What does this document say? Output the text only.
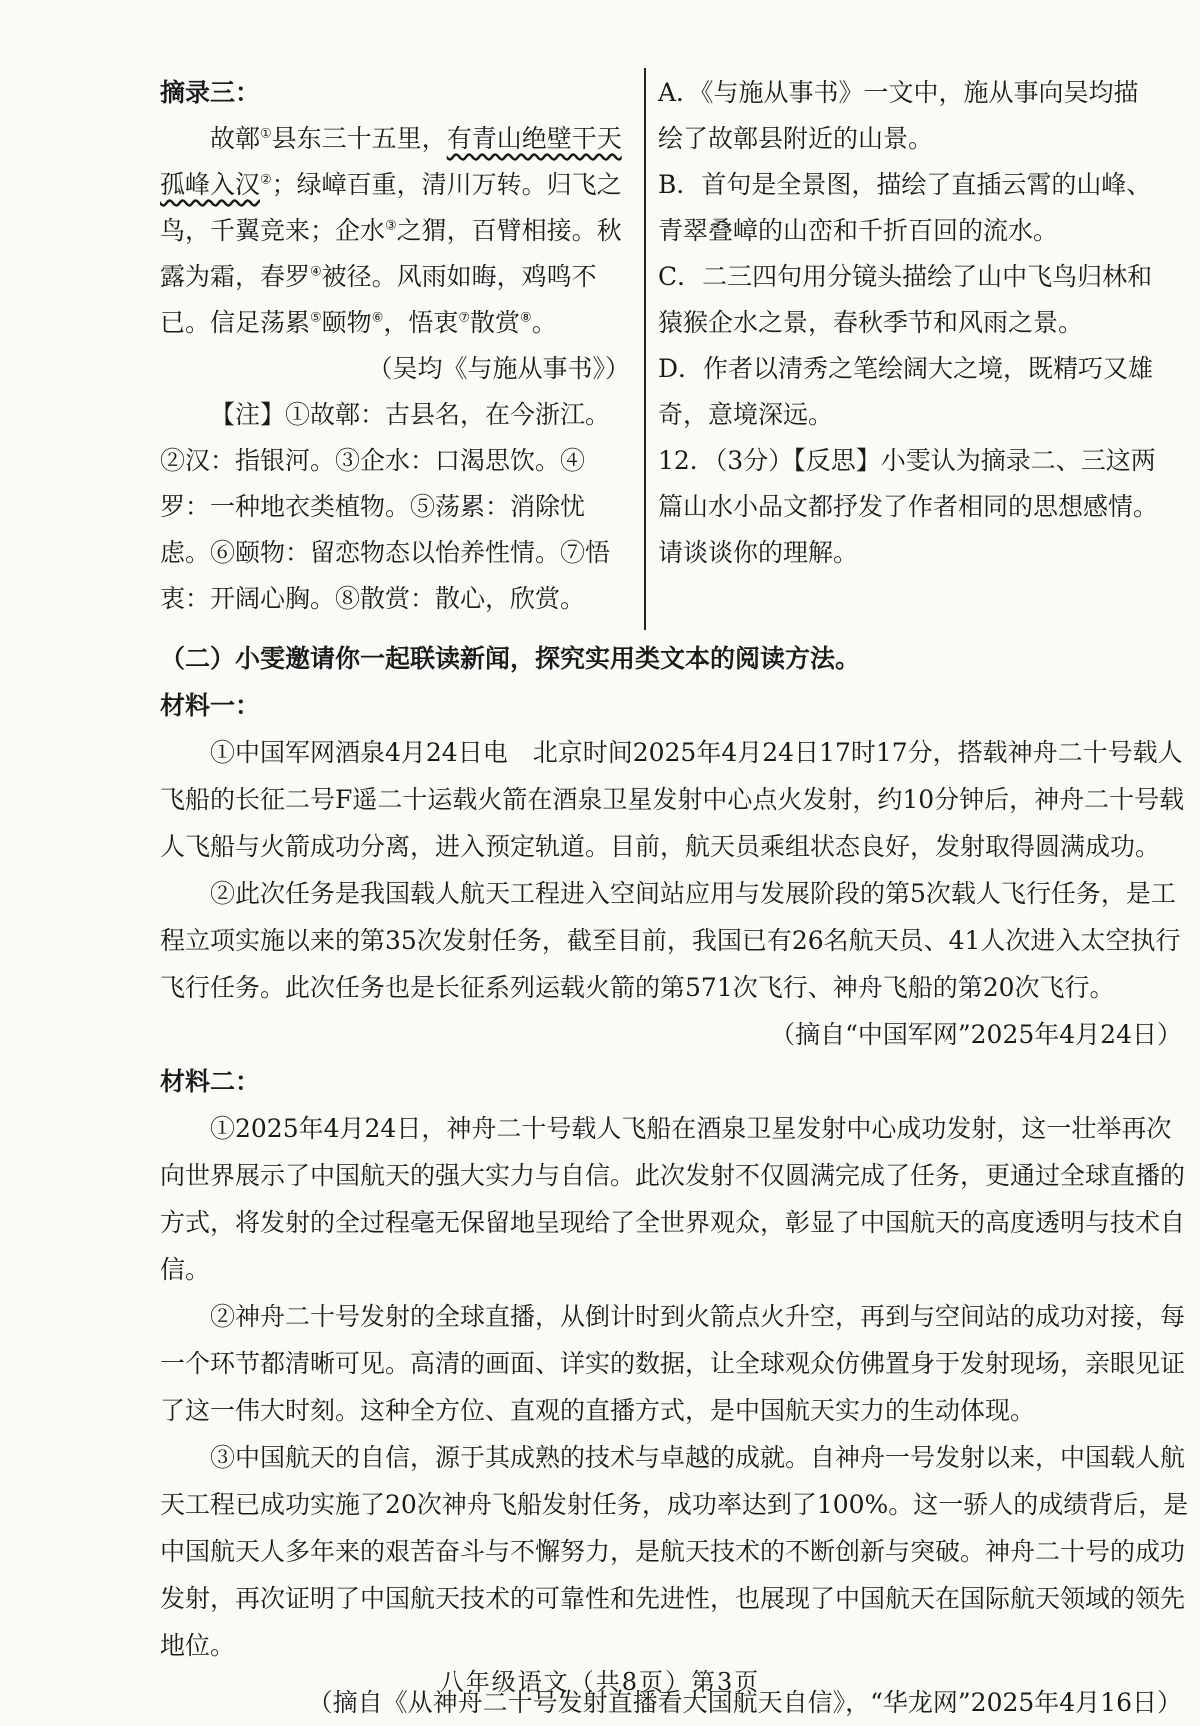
摘录三：

故鄣①县东三十五里，有青山绝壁干天孤峰入汉②；绿嶂百重，清川万转。归飞之鸟，千翼竞来；企水③之猬，百臂相接。秋露为霜，春罗④被径。风雨如晦，鸡鸣不已。信足荡累⑤颐物⑥，悟衷⑦散赏⑧。

（吴均《与施从事书》）

【注】①故鄣：古县名，在今浙江。②汉：指银河。③企水：口渴思饮。④罗：一种地衣类植物。⑤荡累：消除忧虑。⑥颐物：留恋物态以怡养性情。⑦悟衷：开阔心胸。⑧散赏：散心，欣赏。

A．《与施从事书》一文中，施从事向吴均描绘了故鄣县附近的山景。

B．首句是全景图，描绘了直插云霄的山峰、青翠叠嶂的山峦和千折百回的流水。

C．二三四句用分镜头描绘了山中飞鸟归林和猿猴企水之景，春秋季节和风雨之景。

D．作者以清秀之笔绘阔大之境，既精巧又雄奇，意境深远。

12．（3分）【反思】小雯认为摘录二、三这两篇山水小品文都抒发了作者相同的思想感情。请谈谈你的理解。

（二）小雯邀请你一起联读新闻，探究实用类文本的阅读方法。

材料一：

①中国军网酒泉4月24日电　北京时间2025年4月24日17时17分，搭载神舟二十号载人飞船的长征二号F遥二十运载火箭在酒泉卫星发射中心点火发射，约10分钟后，神舟二十号载人飞船与火箭成功分离，进入预定轨道。目前，航天员乘组状态良好，发射取得圆满成功。

②此次任务是我国载人航天工程进入空间站应用与发展阶段的第5次载人飞行任务，是工程立项实施以来的第35次发射任务，截至目前，我国已有26名航天员、41人次进入太空执行飞行任务。此次任务也是长征系列运载火箭的第571次飞行、神舟飞船的第20次飞行。

（摘自“中国军网”2025年4月24日）

材料二：

①2025年4月24日，神舟二十号载人飞船在酒泉卫星发射中心成功发射，这一壮举再次向世界展示了中国航天的强大实力与自信。此次发射不仅圆满完成了任务，更通过全球直播的方式，将发射的全过程毫无保留地呈现给了全世界观众，彰显了中国航天的高度透明与技术自信。

②神舟二十号发射的全球直播，从倒计时到火箭点火升空，再到与空间站的成功对接，每一个环节都清晰可见。高清的画面、详实的数据，让全球观众仿佛置身于发射现场，亲眼见证了这一伟大时刻。这种全方位、直观的直播方式，是中国航天实力的生动体现。

③中国航天的自信，源于其成熟的技术与卓越的成就。自神舟一号发射以来，中国载人航天工程已成功实施了20次神舟飞船发射任务，成功率达到了100%。这一骄人的成绩背后，是中国航天人多年来的艰苦奋斗与不懈努力，是航天技术的不断创新与突破。神舟二十号的成功发射，再次证明了中国航天技术的可靠性和先进性，也展现了中国航天在国际航天领域的领先地位。

（摘自《从神舟二十号发射直播看大国航天自信》，“华龙网”2025年4月16日）

八年级语文（共8页）第3页
